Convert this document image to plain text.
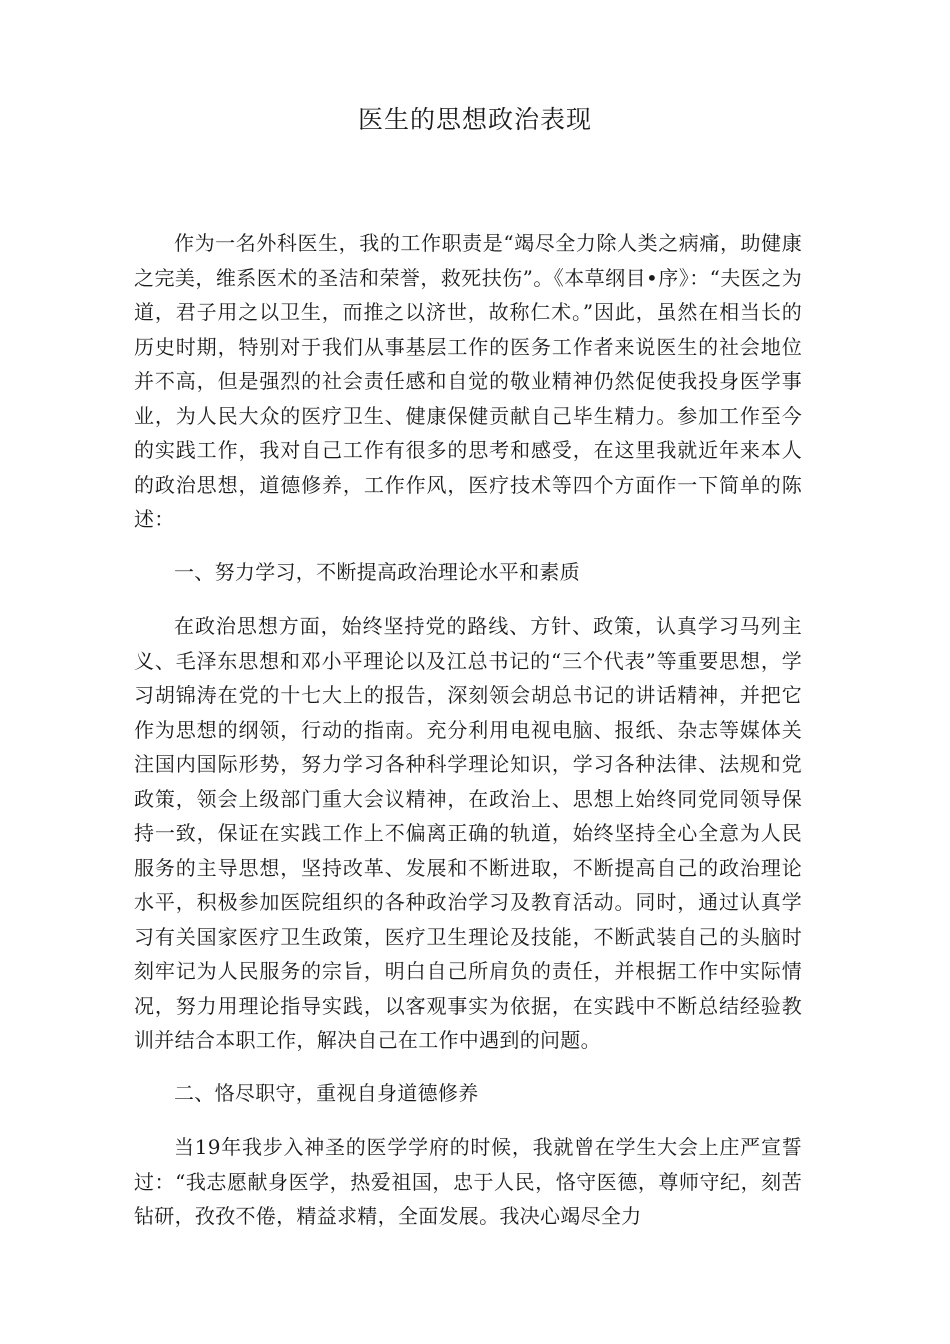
医生的思想政治表现

作为一名外科医生，我的工作职责是“竭尽全力除人类之病痛，助健康之完美，维系医术的圣洁和荣誉，救死扶伤”。《本草纲目•序》：“夫医之为道，君子用之以卫生，而推之以济世，故称仁术。”因此，虽然在相当长的历史时期，特别对于我们从事基层工作的医务工作者来说医生的社会地位并不高，但是强烈的社会责任感和自觉的敬业精神仍然促使我投身医学事业，为人民大众的医疗卫生、健康保健贡献自己毕生精力。参加工作至今的实践工作，我对自己工作有很多的思考和感受，在这里我就近年来本人的政治思想，道德修养，工作作风，医疗技术等四个方面作一下简单的陈述：

一、努力学习，不断提高政治理论水平和素质

在政治思想方面，始终坚持党的路线、方针、政策，认真学习马列主义、毛泽东思想和邓小平理论以及江总书记的“三个代表”等重要思想，学习胡锦涛在党的十七大上的报告，深刻领会胡总书记的讲话精神，并把它作为思想的纲领，行动的指南。充分利用电视电脑、报纸、杂志等媒体关注国内国际形势，努力学习各种科学理论知识，学习各种法律、法规和党政策，领会上级部门重大会议精神，在政治上、思想上始终同党同领导保持一致，保证在实践工作上不偏离正确的轨道，始终坚持全心全意为人民服务的主导思想，坚持改革、发展和不断进取，不断提高自己的政治理论水平，积极参加医院组织的各种政治学习及教育活动。同时，通过认真学习有关国家医疗卫生政策，医疗卫生理论及技能，不断武装自己的头脑时刻牢记为人民服务的宗旨，明白自己所肩负的责任，并根据工作中实际情况，努力用理论指导实践，以客观事实为依据，在实践中不断总结经验教训并结合本职工作，解决自己在工作中遇到的问题。

二、恪尽职守，重视自身道德修养

当19年我步入神圣的医学学府的时候，我就曾在学生大会上庄严宣誓过：“我志愿献身医学，热爱祖国，忠于人民，恪守医德，尊师守纪，刻苦钻研，孜孜不倦，精益求精，全面发展。我决心竭尽全力
